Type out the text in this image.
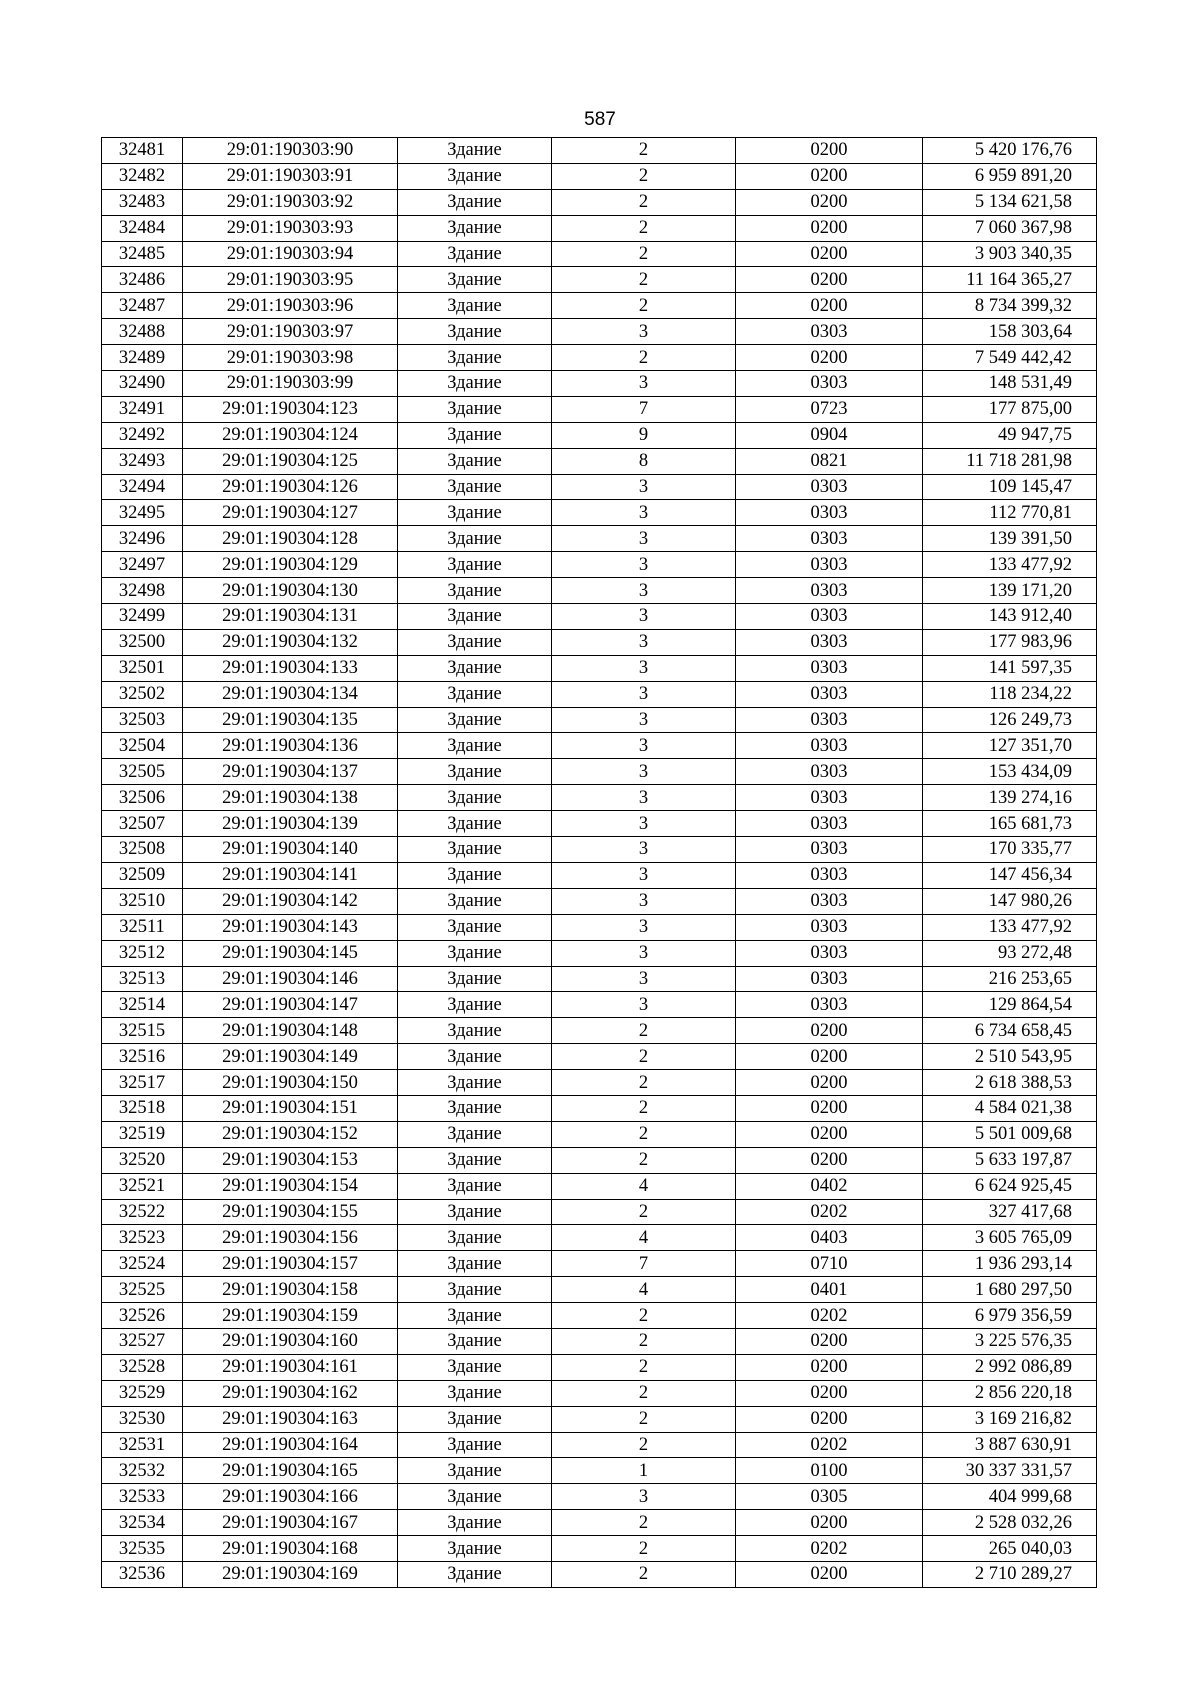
587
32481	29:01:190303:90	Здание	2	0200	5 420 176,76
32482	29:01:190303:91	Здание	2	0200	6 959 891,20
32483	29:01:190303:92	Здание	2	0200	5 134 621,58
32484	29:01:190303:93	Здание	2	0200	7 060 367,98
32485	29:01:190303:94	Здание	2	0200	3 903 340,35
32486	29:01:190303:95	Здание	2	0200	11 164 365,27
32487	29:01:190303:96	Здание	2	0200	8 734 399,32
32488	29:01:190303:97	Здание	3	0303	158 303,64
32489	29:01:190303:98	Здание	2	0200	7 549 442,42
32490	29:01:190303:99	Здание	3	0303	148 531,49
32491	29:01:190304:123	Здание	7	0723	177 875,00
32492	29:01:190304:124	Здание	9	0904	49 947,75
32493	29:01:190304:125	Здание	8	0821	11 718 281,98
32494	29:01:190304:126	Здание	3	0303	109 145,47
32495	29:01:190304:127	Здание	3	0303	112 770,81
32496	29:01:190304:128	Здание	3	0303	139 391,50
32497	29:01:190304:129	Здание	3	0303	133 477,92
32498	29:01:190304:130	Здание	3	0303	139 171,20
32499	29:01:190304:131	Здание	3	0303	143 912,40
32500	29:01:190304:132	Здание	3	0303	177 983,96
32501	29:01:190304:133	Здание	3	0303	141 597,35
32502	29:01:190304:134	Здание	3	0303	118 234,22
32503	29:01:190304:135	Здание	3	0303	126 249,73
32504	29:01:190304:136	Здание	3	0303	127 351,70
32505	29:01:190304:137	Здание	3	0303	153 434,09
32506	29:01:190304:138	Здание	3	0303	139 274,16
32507	29:01:190304:139	Здание	3	0303	165 681,73
32508	29:01:190304:140	Здание	3	0303	170 335,77
32509	29:01:190304:141	Здание	3	0303	147 456,34
32510	29:01:190304:142	Здание	3	0303	147 980,26
32511	29:01:190304:143	Здание	3	0303	133 477,92
32512	29:01:190304:145	Здание	3	0303	93 272,48
32513	29:01:190304:146	Здание	3	0303	216 253,65
32514	29:01:190304:147	Здание	3	0303	129 864,54
32515	29:01:190304:148	Здание	2	0200	6 734 658,45
32516	29:01:190304:149	Здание	2	0200	2 510 543,95
32517	29:01:190304:150	Здание	2	0200	2 618 388,53
32518	29:01:190304:151	Здание	2	0200	4 584 021,38
32519	29:01:190304:152	Здание	2	0200	5 501 009,68
32520	29:01:190304:153	Здание	2	0200	5 633 197,87
32521	29:01:190304:154	Здание	4	0402	6 624 925,45
32522	29:01:190304:155	Здание	2	0202	327 417,68
32523	29:01:190304:156	Здание	4	0403	3 605 765,09
32524	29:01:190304:157	Здание	7	0710	1 936 293,14
32525	29:01:190304:158	Здание	4	0401	1 680 297,50
32526	29:01:190304:159	Здание	2	0202	6 979 356,59
32527	29:01:190304:160	Здание	2	0200	3 225 576,35
32528	29:01:190304:161	Здание	2	0200	2 992 086,89
32529	29:01:190304:162	Здание	2	0200	2 856 220,18
32530	29:01:190304:163	Здание	2	0200	3 169 216,82
32531	29:01:190304:164	Здание	2	0202	3 887 630,91
32532	29:01:190304:165	Здание	1	0100	30 337 331,57
32533	29:01:190304:166	Здание	3	0305	404 999,68
32534	29:01:190304:167	Здание	2	0200	2 528 032,26
32535	29:01:190304:168	Здание	2	0202	265 040,03
32536	29:01:190304:169	Здание	2	0200	2 710 289,27
